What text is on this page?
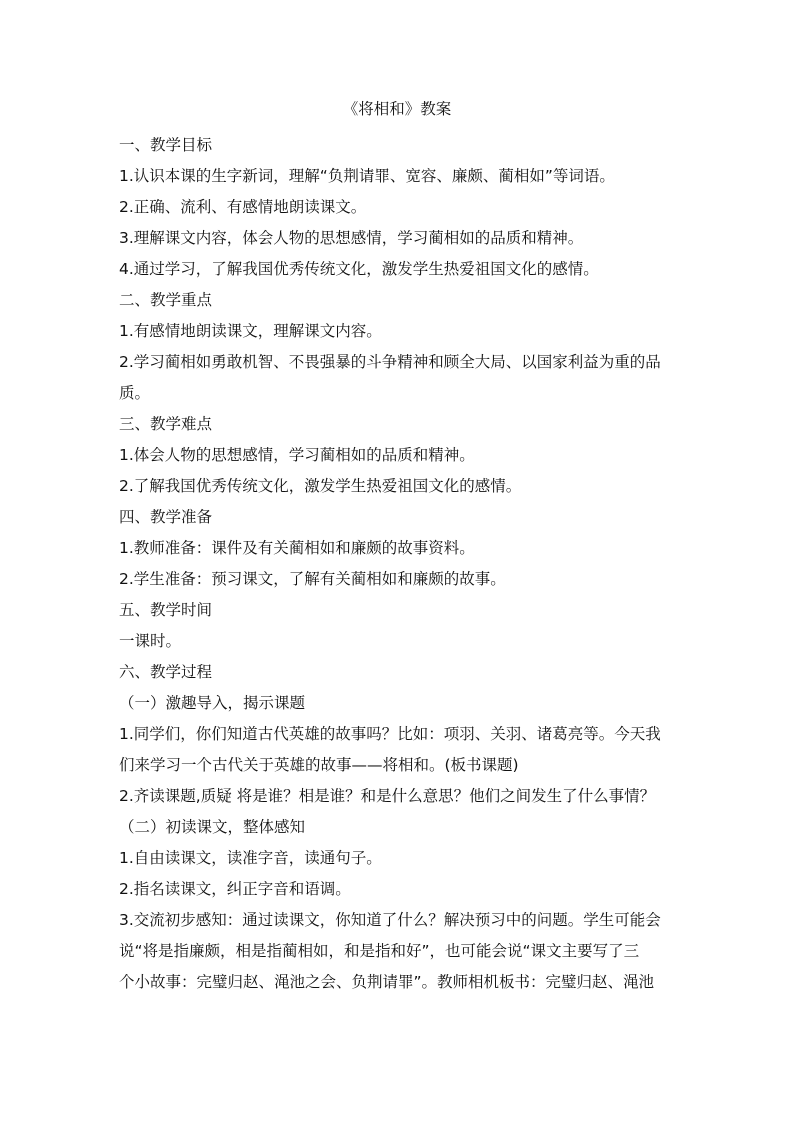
《将相和》教案

一、教学目标

1.认识本课的生字新词，理解“负荆请罪、宽容、廉颇、蔺相如”等词语。

2.正确、流利、有感情地朗读课文。

3.理解课文内容，体会人物的思想感情，学习蔺相如的品质和精神。

4.通过学习，了解我国优秀传统文化，激发学生热爱祖国文化的感情。

二、教学重点

1.有感情地朗读课文，理解课文内容。

2.学习蔺相如勇敢机智、不畏强暴的斗争精神和顾全大局、以国家利益为重的品

质。

三、教学难点

1.体会人物的思想感情，学习蔺相如的品质和精神。

2.了解我国优秀传统文化，激发学生热爱祖国文化的感情。

四、教学准备

1.教师准备：课件及有关蔺相如和廉颇的故事资料。

2.学生准备：预习课文，了解有关蔺相如和廉颇的故事。

五、教学时间

一课时。

六、教学过程

（一）激趣导入，揭示课题

1.同学们，你们知道古代英雄的故事吗？比如：项羽、关羽、诸葛亮等。今天我

们来学习一个古代关于英雄的故事——将相和。(板书课题)

2.齐读课题,质疑 将是谁？相是谁？和是什么意思？他们之间发生了什么事情？

（二）初读课文，整体感知

1.自由读课文，读准字音，读通句子。

2.指名读课文，纠正字音和语调。

3.交流初步感知：通过读课文，你知道了什么？解决预习中的问题。学生可能会

说“将是指廉颇，相是指蔺相如，和是指和好”，也可能会说“课文主要写了三

个小故事：完璧归赵、渑池之会、负荆请罪”。教师相机板书：完璧归赵、渑池
